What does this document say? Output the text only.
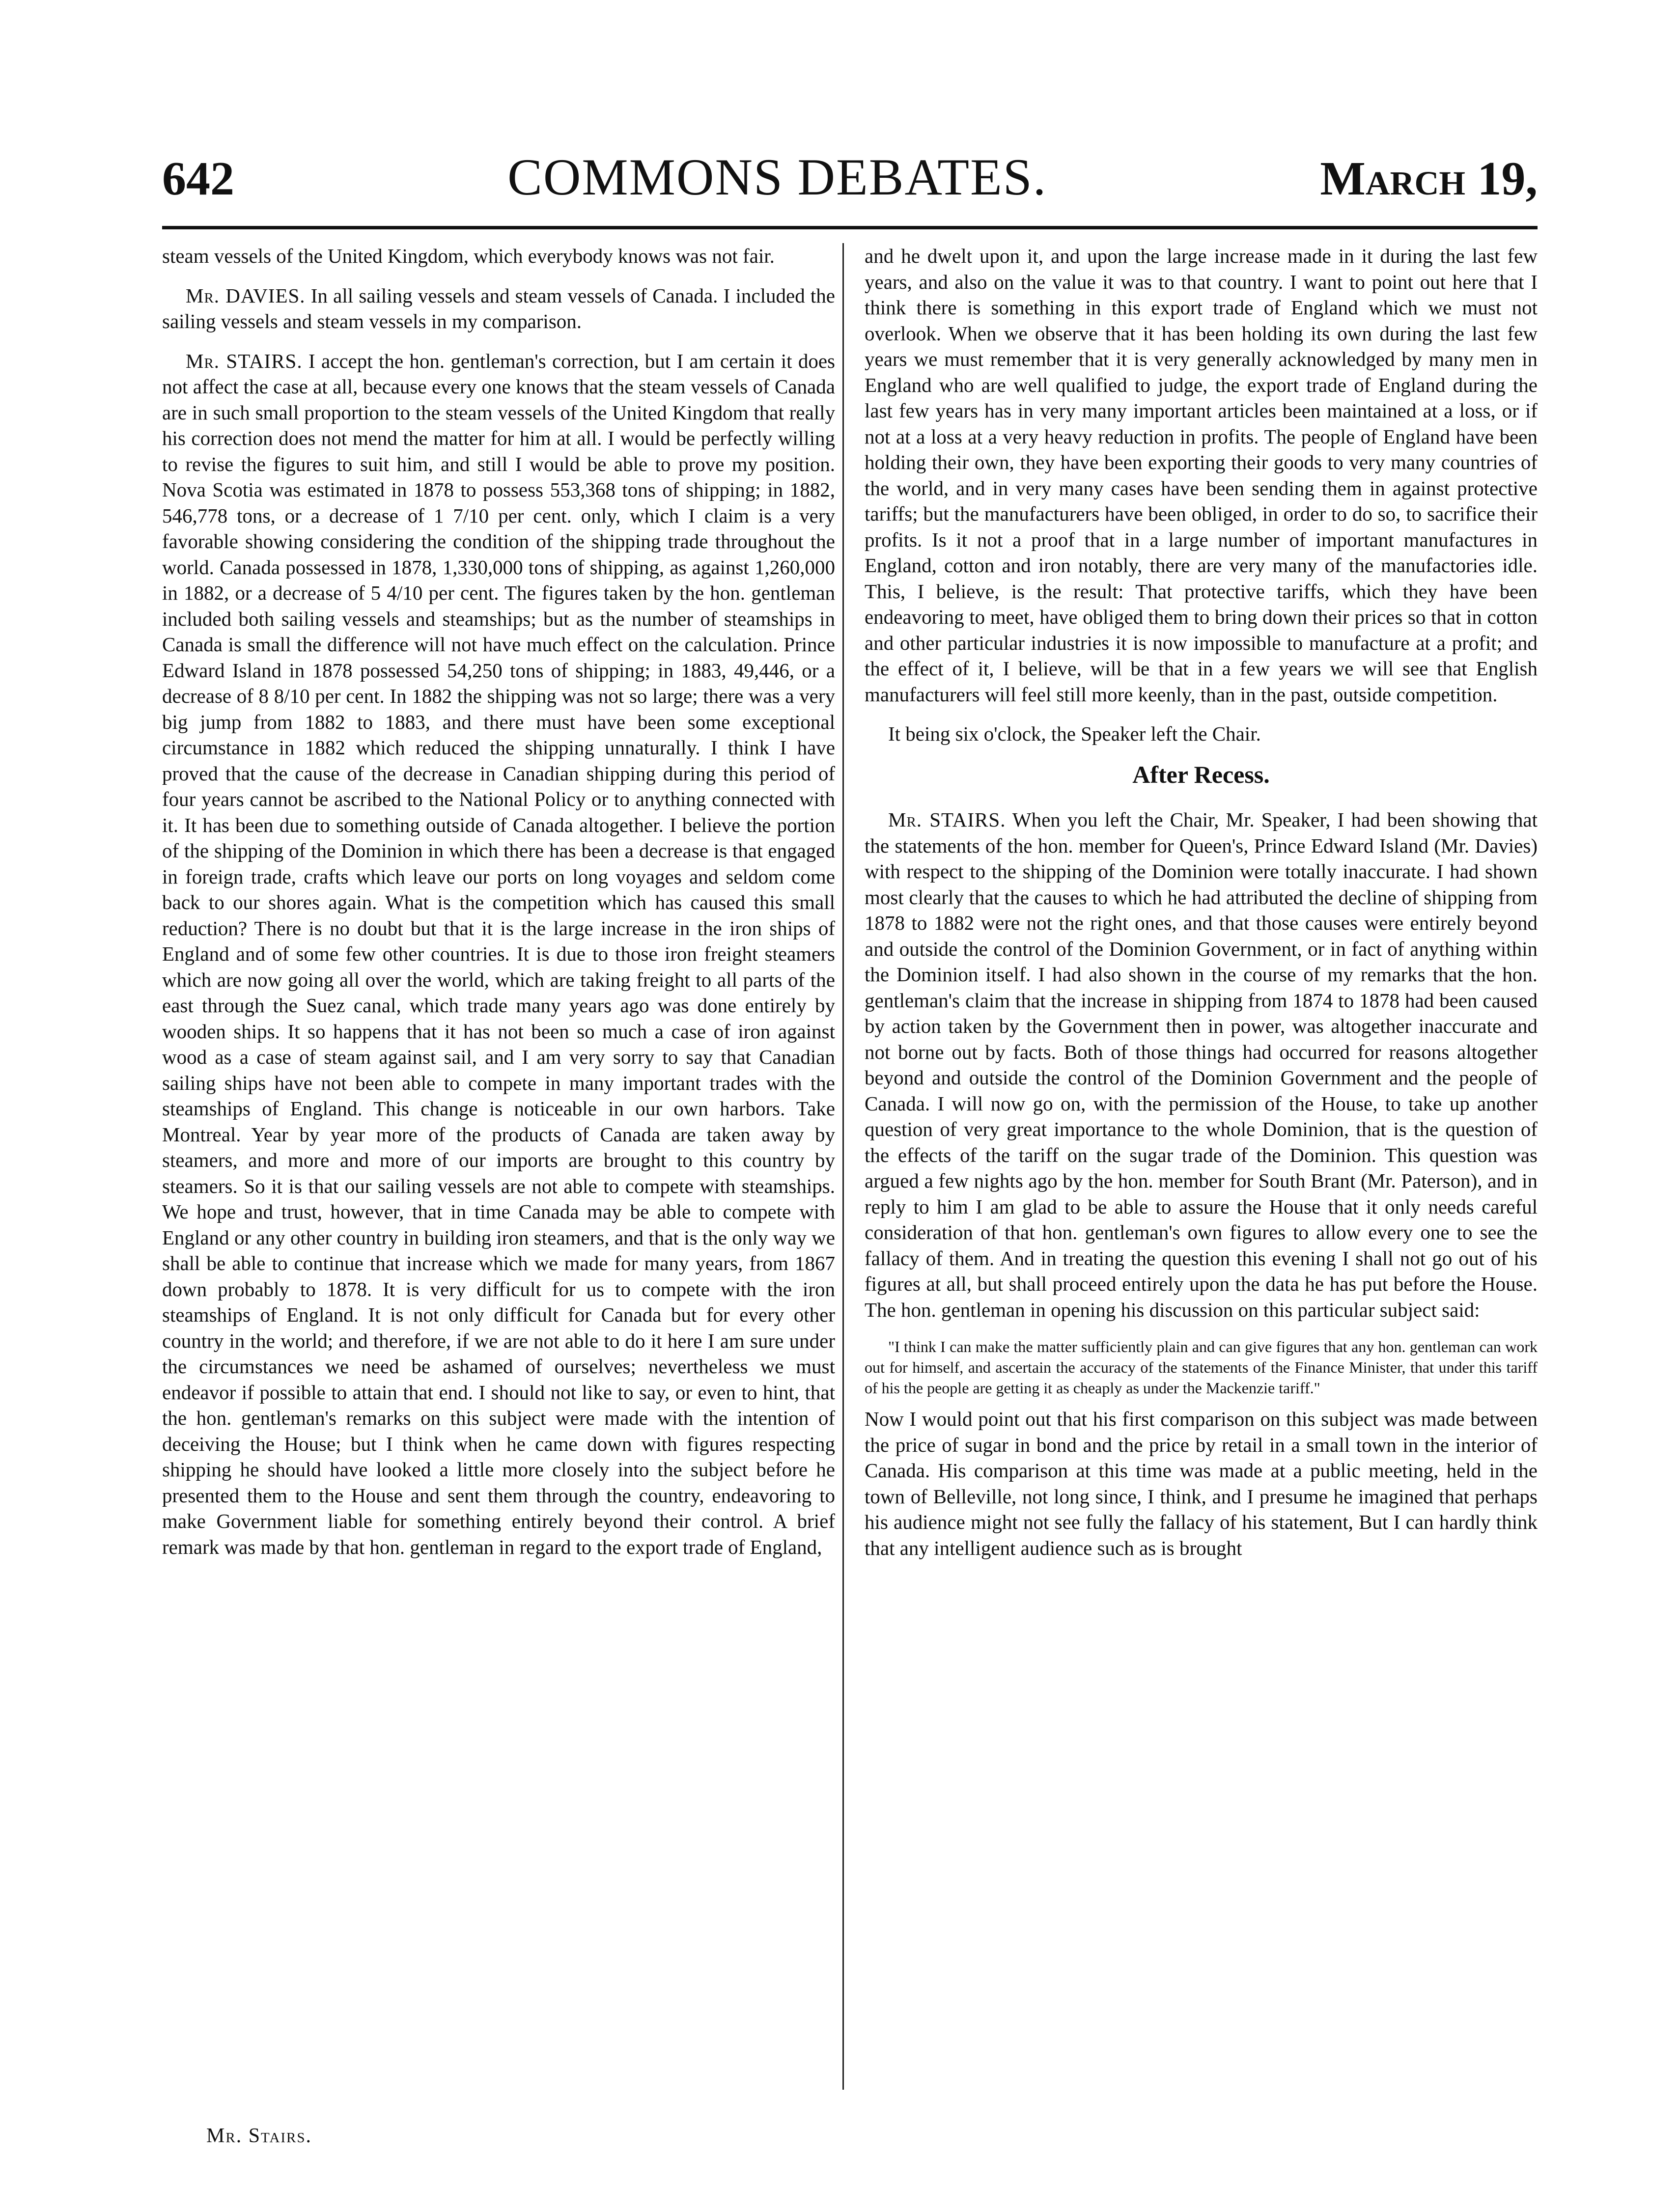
642	COMMONS DEBATES.	March 19,

steam vessels of the United Kingdom, which everybody knows was not fair.

Mr. DAVIES. In all sailing vessels and steam vessels of Canada. I included the sailing vessels and steam vessels in my comparison.

Mr. STAIRS. I accept the hon. gentleman's correction, but I am certain it does not affect the case at all, because every one knows that the steam vessels of Canada are in such small proportion to the steam vessels of the United Kingdom that really his correction does not mend the matter for him at all. I would be perfectly willing to revise the figures to suit him, and still I would be able to prove my position. Nova Scotia was estimated in 1878 to possess 553,368 tons of shipping; in 1882, 546,778 tons, or a decrease of 1 7/10 per cent. only, which I claim is a very favorable showing considering the condition of the shipping trade throughout the world. Canada possessed in 1878, 1,330,000 tons of shipping, as against 1,260,000 in 1882, or a decrease of 5 4/10 per cent. The figures taken by the hon. gentleman included both sailing vessels and steamships; but as the number of steamships in Canada is small the difference will not have much effect on the calculation. Prince Edward Island in 1878 possessed 54,250 tons of shipping; in 1883, 49,446, or a decrease of 8 8/10 per cent. In 1882 the shipping was not so large; there was a very big jump from 1882 to 1883, and there must have been some exceptional circumstance in 1882 which reduced the shipping unnaturally. I think I have proved that the cause of the decrease in Canadian shipping during this period of four years cannot be ascribed to the National Policy or to anything connected with it. It has been due to something outside of Canada altogether. I believe the portion of the shipping of the Dominion in which there has been a decrease is that engaged in foreign trade, crafts which leave our ports on long voyages and seldom come back to our shores again. What is the competition which has caused this small reduction? There is no doubt but that it is the large increase in the iron ships of England and of some few other countries. It is due to those iron freight steamers which are now going all over the world, which are taking freight to all parts of the east through the Suez canal, which trade many years ago was done entirely by wooden ships. It so happens that it has not been so much a case of iron against wood as a case of steam against sail, and I am very sorry to say that Canadian sailing ships have not been able to compete in many important trades with the steamships of England. This change is noticeable in our own harbors. Take Montreal. Year by year more of the products of Canada are taken away by steamers, and more and more of our imports are brought to this country by steamers. So it is that our sailing vessels are not able to compete with steamships. We hope and trust, however, that in time Canada may be able to compete with England or any other country in building iron steamers, and that is the only way we shall be able to continue that increase which we made for many years, from 1867 down probably to 1878. It is very difficult for us to compete with the iron steamships of England. It is not only difficult for Canada but for every other country in the world; and therefore, if we are not able to do it here I am sure under the circumstances we need be ashamed of ourselves; nevertheless we must endeavor if possible to attain that end. I should not like to say, or even to hint, that the hon. gentleman's remarks on this subject were made with the intention of deceiving the House; but I think when he came down with figures respecting shipping he should have looked a little more closely into the subject before he presented them to the House and sent them through the country, endeavoring to make Government liable for something entirely beyond their control. A brief remark was made by that hon. gentleman in regard to the export trade of England,

and he dwelt upon it, and upon the large increase made in it during the last few years, and also on the value it was to that country. I want to point out here that I think there is something in this export trade of England which we must not overlook. When we observe that it has been holding its own during the last few years we must remember that it is very generally acknowledged by many men in England who are well qualified to judge, the export trade of England during the last few years has in very many important articles been maintained at a loss, or if not at a loss at a very heavy reduction in profits. The people of England have been holding their own, they have been exporting their goods to very many countries of the world, and in very many cases have been sending them in against protective tariffs; but the manufacturers have been obliged, in order to do so, to sacrifice their profits. Is it not a proof that in a large number of important manufactures in England, cotton and iron notably, there are very many of the manufactories idle. This, I believe, is the result: That protective tariffs, which they have been endeavoring to meet, have obliged them to bring down their prices so that in cotton and other particular industries it is now impossible to manufacture at a profit; and the effect of it, I believe, will be that in a few years we will see that English manufacturers will feel still more keenly, than in the past, outside competition.

It being six o'clock, the Speaker left the Chair.

After Recess.

Mr. STAIRS. When you left the Chair, Mr. Speaker, I had been showing that the statements of the hon. member for Queen's, Prince Edward Island (Mr. Davies) with respect to the shipping of the Dominion were totally inaccurate. I had shown most clearly that the causes to which he had attributed the decline of shipping from 1878 to 1882 were not the right ones, and that those causes were entirely beyond and outside the control of the Dominion Government, or in fact of anything within the Dominion itself. I had also shown in the course of my remarks that the hon. gentleman's claim that the increase in shipping from 1874 to 1878 had been caused by action taken by the Government then in power, was altogether inaccurate and not borne out by facts. Both of those things had occurred for reasons altogether beyond and outside the control of the Dominion Government and the people of Canada. I will now go on, with the permission of the House, to take up another question of very great importance to the whole Dominion, that is the question of the effects of the tariff on the sugar trade of the Dominion. This question was argued a few nights ago by the hon. member for South Brant (Mr. Paterson), and in reply to him I am glad to be able to assure the House that it only needs careful consideration of that hon. gentleman's own figures to allow every one to see the fallacy of them. And in treating the question this evening I shall not go out of his figures at all, but shall proceed entirely upon the data he has put before the House. The hon. gentleman in opening his discussion on this particular subject said:

"I think I can make the matter sufficiently plain and can give figures that any hon. gentleman can work out for himself, and ascertain the accuracy of the statements of the Finance Minister, that under this tariff of his the people are getting it as cheaply as under the Mackenzie tariff."

Now I would point out that his first comparison on this subject was made between the price of sugar in bond and the price by retail in a small town in the interior of Canada. His comparison at this time was made at a public meeting, held in the town of Belleville, not long since, I think, and I presume he imagined that perhaps his audience might not see fully the fallacy of his statement, But I can hardly think that any intelligent audience such as is brought

Mr. Stairs.
